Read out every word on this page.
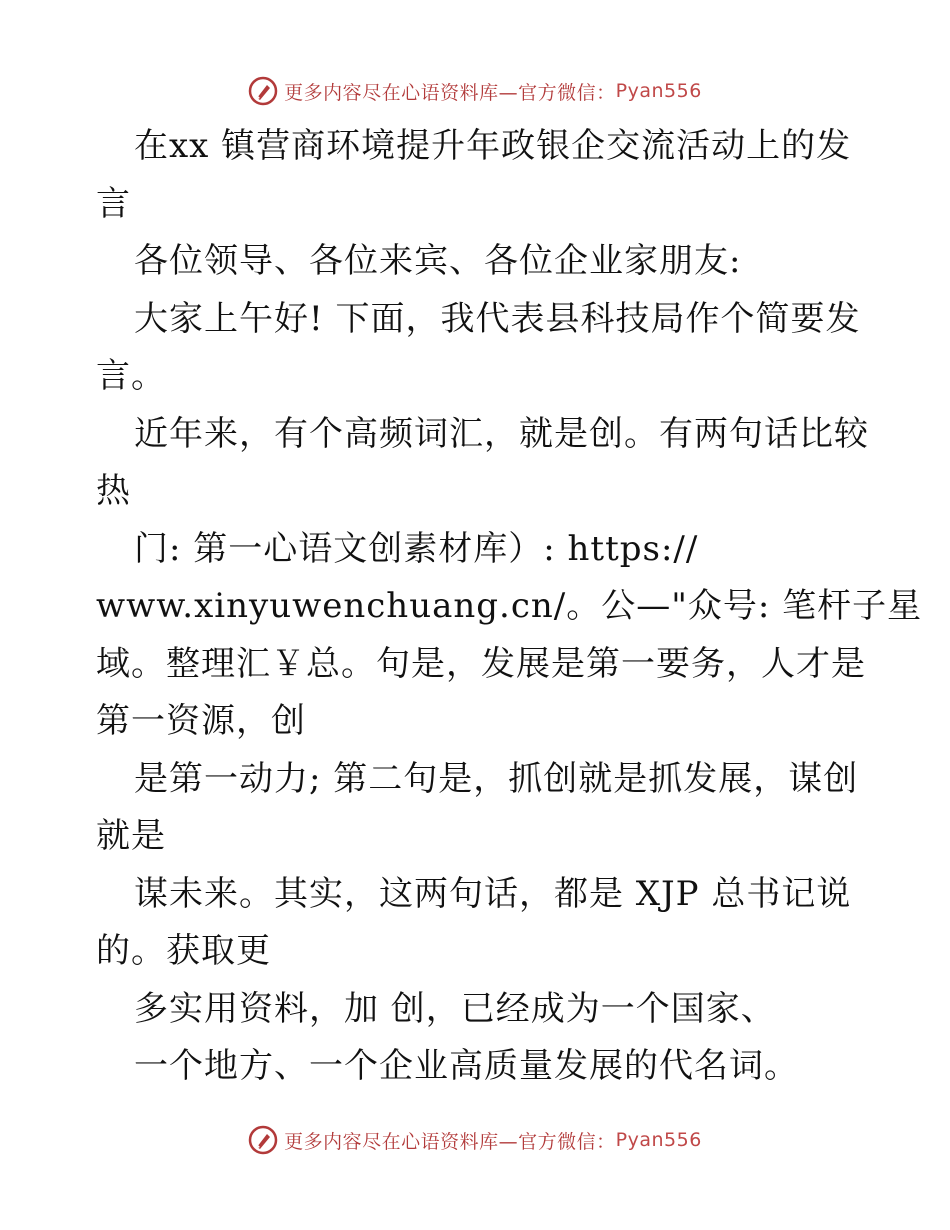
更多内容尽在心语资料库—官方微信： Pyan556
在xx 镇营商环境提升年政银企交流活动上的发
言
各位领导、各位来宾、各位企业家朋友:
大家上午好! 下面，我代表县科技局作个简要发
言。
近年来，有个高频词汇，就是创。有两句话比较
热
门: 第一心语文创素材库）: https://
www.xinyuwenchuang.cn/。公—"众号: 笔杆子星
域。整理汇￥总。句是，发展是第一要务，人才是
第一资源，创
是第一动力; 第二句是，抓创就是抓发展，谋创
就是
谋未来。其实，这两句话，都是 XJP 总书记说
的。获取更
多实用资料，加 创，已经成为一个国家、
一个地方、一个企业高质量发展的代名词。
更多内容尽在心语资料库—官方微信： Pyan556
